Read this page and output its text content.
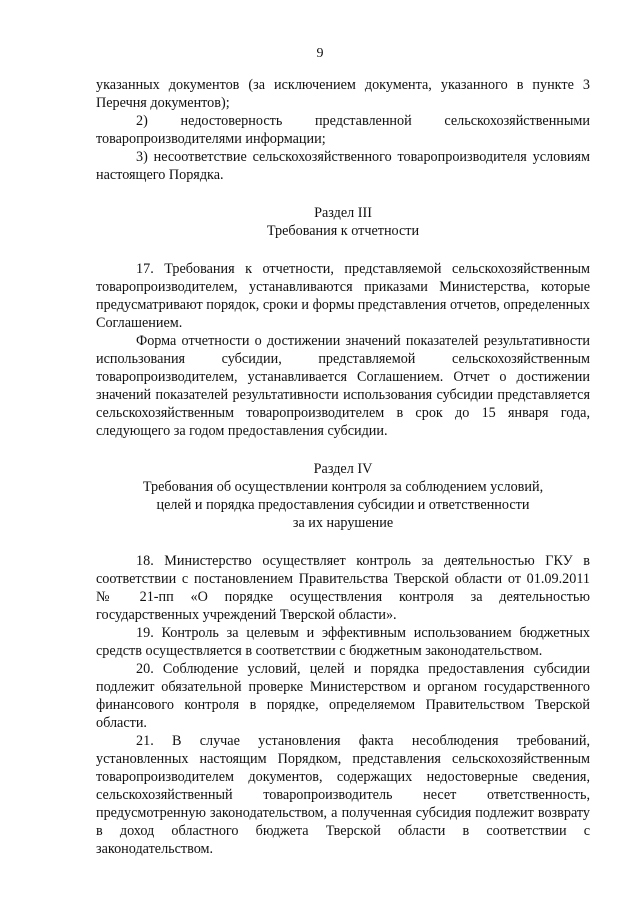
9

указанных документов (за исключением документа, указанного в пункте 3 Перечня документов);

2) недостоверность представленной сельскохозяйственными товаропроизводителями информации;

3) несоответствие сельскохозяйственного товаропроизводителя условиям настоящего Порядка.

Раздел III

Требования к отчетности

17. Требования к отчетности, представляемой сельскохозяйственным товаропроизводителем, устанавливаются приказами Министерства, которые предусматривают порядок, сроки и формы представления отчетов, определенных Соглашением.

Форма отчетности о достижении значений показателей результативности использования субсидии, представляемой сельскохозяйственным товаропроизводителем, устанавливается Соглашением. Отчет о достижении значений показателей результативности использования субсидии представляется сельскохозяйственным товаропроизводителем в срок до 15 января года, следующего за годом предоставления субсидии.

Раздел IV

Требования об осуществлении контроля за соблюдением условий,

целей и порядка предоставления субсидии и ответственности

за их нарушение

18. Министерство осуществляет контроль за деятельностью ГКУ в соответствии с постановлением Правительства Тверской области от 01.09.2011 № 21-пп «О порядке осуществления контроля за деятельностью государственных учреждений Тверской области».

19. Контроль за целевым и эффективным использованием бюджетных средств осуществляется в соответствии с бюджетным законодательством.

20. Соблюдение условий, целей и порядка предоставления субсидии подлежит обязательной проверке Министерством и органом государственного финансового контроля в порядке, определяемом Правительством Тверской области.

21. В случае установления факта несоблюдения требований, установленных настоящим Порядком, представления сельскохозяйственным товаропроизводителем документов, содержащих недостоверные сведения, сельскохозяйственный товаропроизводитель несет ответственность, предусмотренную законодательством, а полученная субсидия подлежит возврату в доход областного бюджета Тверской области в соответствии с законодательством.
